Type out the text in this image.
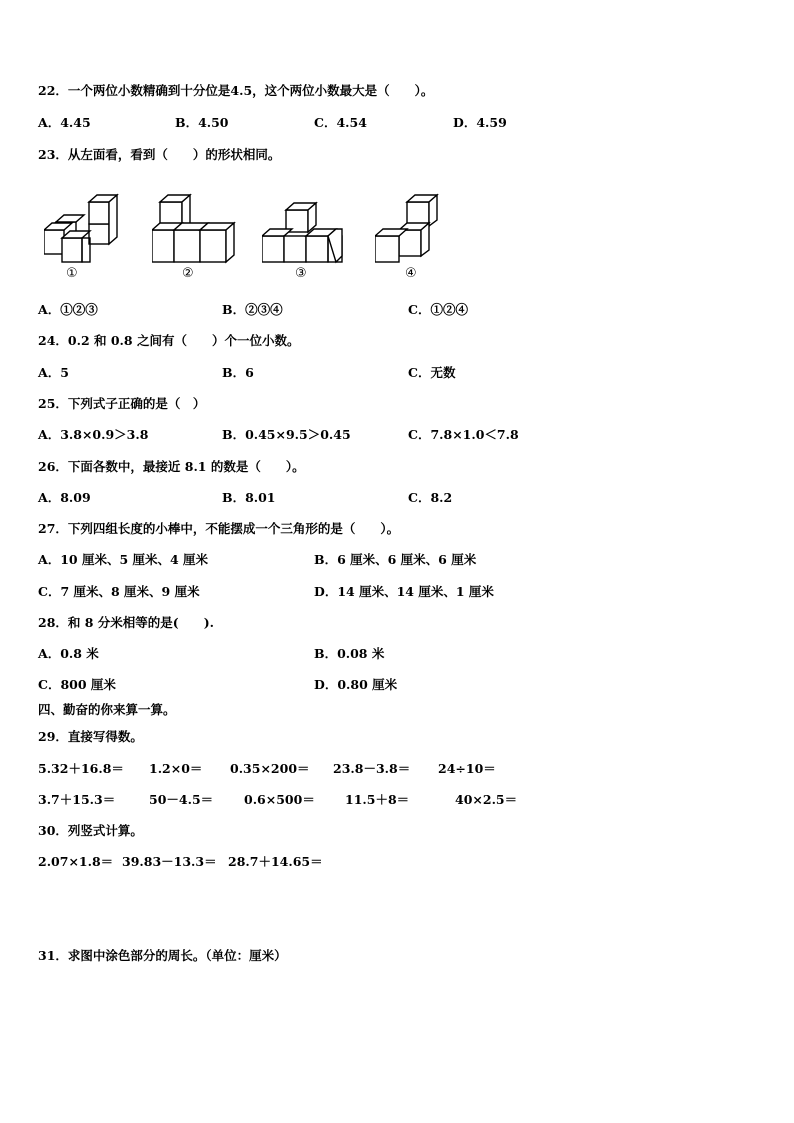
22．一个两位小数精确到十分位是4.5，这个两位小数最大是（　　）。
A．4.45	B．4.50	C．4.54	D．4.59
23．从左面看，看到（　　）的形状相同。
①	②	③	④
A．①②③	B．②③④	C．①②④
24．0.2 和 0.8 之间有（　　）个一位小数。
A．5	B．6	C．无数
25．下列式子正确的是（　）
A．3.8×0.9＞3.8	B．0.45×9.5＞0.45	C．7.8×1.0＜7.8
26．下面各数中，最接近 8.1 的数是（　　）。
A．8.09	B．8.01	C．8.2
27．下列四组长度的小棒中，不能摆成一个三角形的是（　　）。
A．10 厘米、5 厘米、4 厘米	B．6 厘米、6 厘米、6 厘米
C．7 厘米、8 厘米、9 厘米	D．14 厘米、14 厘米、1 厘米
28．和 8 分米相等的是(　　).
A．0.8 米	B．0.08 米
C．800 厘米	D．0.80 厘米
四、勤奋的你来算一算。
29．直接写得数。
5.32＋16.8＝ 1.2×0＝ 0.35×200＝ 23.8－3.8＝ 24÷10＝
3.7＋15.3＝	50－4.5＝ 0.6×500＝ 11.5＋8＝	40×2.5＝
30．列竖式计算。
2.07×1.8＝ 39.83－13.3＝ 28.7＋14.65＝
31．求图中涂色部分的周长。（单位：厘米）
